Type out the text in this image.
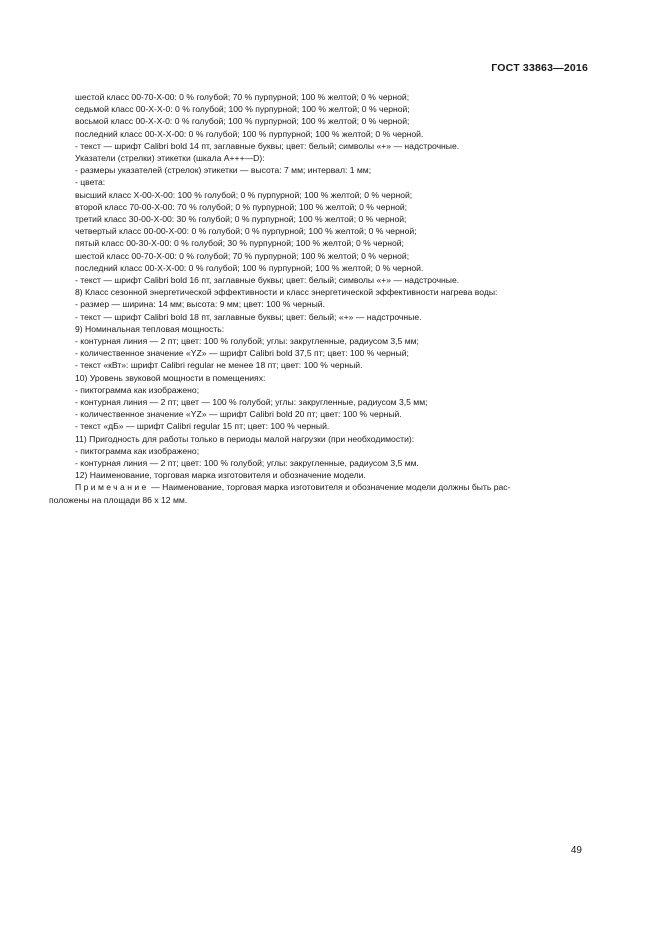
ГОСТ 33863—2016
шестой класс 00-70-X-00: 0 % голубой; 70 % пурпурной; 100 % желтой; 0 % черной;
седьмой класс 00-X-X-0: 0 % голубой; 100 % пурпурной; 100 % желтой; 0 % черной;
восьмой класс 00-X-X-0: 0 % голубой; 100 % пурпурной; 100 % желтой; 0 % черной;
последний класс 00-X-X-00: 0 % голубой; 100 % пурпурной; 100 % желтой; 0 % черной.
- текст — шрифт Calibri bold 14 пт, заглавные буквы; цвет: белый; символы «+» — надстрочные.
Указатели (стрелки) этикетки (шкала A+++—D):
- размеры указателей (стрелок) этикетки — высота: 7 мм; интервал: 1 мм;
- цвета:
высший класс X-00-X-00: 100 % голубой; 0 % пурпурной; 100 % желтой; 0 % черной;
второй класс 70-00-X-00: 70 % голубой; 0 % пурпурной; 100 % желтой; 0 % черной;
третий класс 30-00-X-00: 30 % голубой; 0 % пурпурной; 100 % желтой; 0 % черной;
четвертый класс 00-00-X-00: 0 % голубой; 0 % пурпурной; 100 % желтой; 0 % черной;
пятый класс 00-30-X-00: 0 % голубой; 30 % пурпурной; 100 % желтой; 0 % черной;
шестой класс 00-70-X-00: 0 % голубой; 70 % пурпурной; 100 % желтой; 0 % черной;
последний класс 00-X-X-00: 0 % голубой; 100 % пурпурной; 100 % желтой; 0 % черной.
- текст — шрифт Calibri bold 16 пт, заглавные буквы; цвет: белый; символы «+» — надстрочные.
8) Класс сезонной энергетической эффективности и класс энергетической эффективности нагрева воды:
- размер — ширина: 14 мм; высота: 9 мм; цвет: 100 % черный.
- текст — шрифт Calibri bold 18 пт, заглавные буквы; цвет: белый; «+» — надстрочные.
9) Номинальная тепловая мощность:
- контурная линия — 2 пт; цвет: 100 % голубой; углы: закругленные, радиусом 3,5 мм;
- количественное значение «YZ» — шрифт Calibri bold 37,5 пт; цвет: 100 % черный;
- текст «кВт»: шрифт Calibri regular не менее 18 пт; цвет: 100 % черный.
10) Уровень звуковой мощности в помещениях:
- пиктограмма как изображено;
- контурная линия — 2 пт; цвет — 100 % голубой; углы: закругленные, радиусом 3,5 мм;
- количественное значение «YZ» — шрифт Calibri bold 20 пт; цвет: 100 % черный.
- текст «дБ» — шрифт Calibri regular 15 пт; цвет: 100 % черный.
11) Пригодность для работы только в периоды малой нагрузки (при необходимости):
- пиктограмма как изображено;
- контурная линия — 2 пт; цвет: 100 % голубой; углы: закругленные, радиусом 3,5 мм.
12) Наименование, торговая марка изготовителя и обозначение модели.
Примечание — Наименование, торговая марка изготовителя и обозначение модели должны быть рас-
положены на площади 86 x 12 мм.
49
